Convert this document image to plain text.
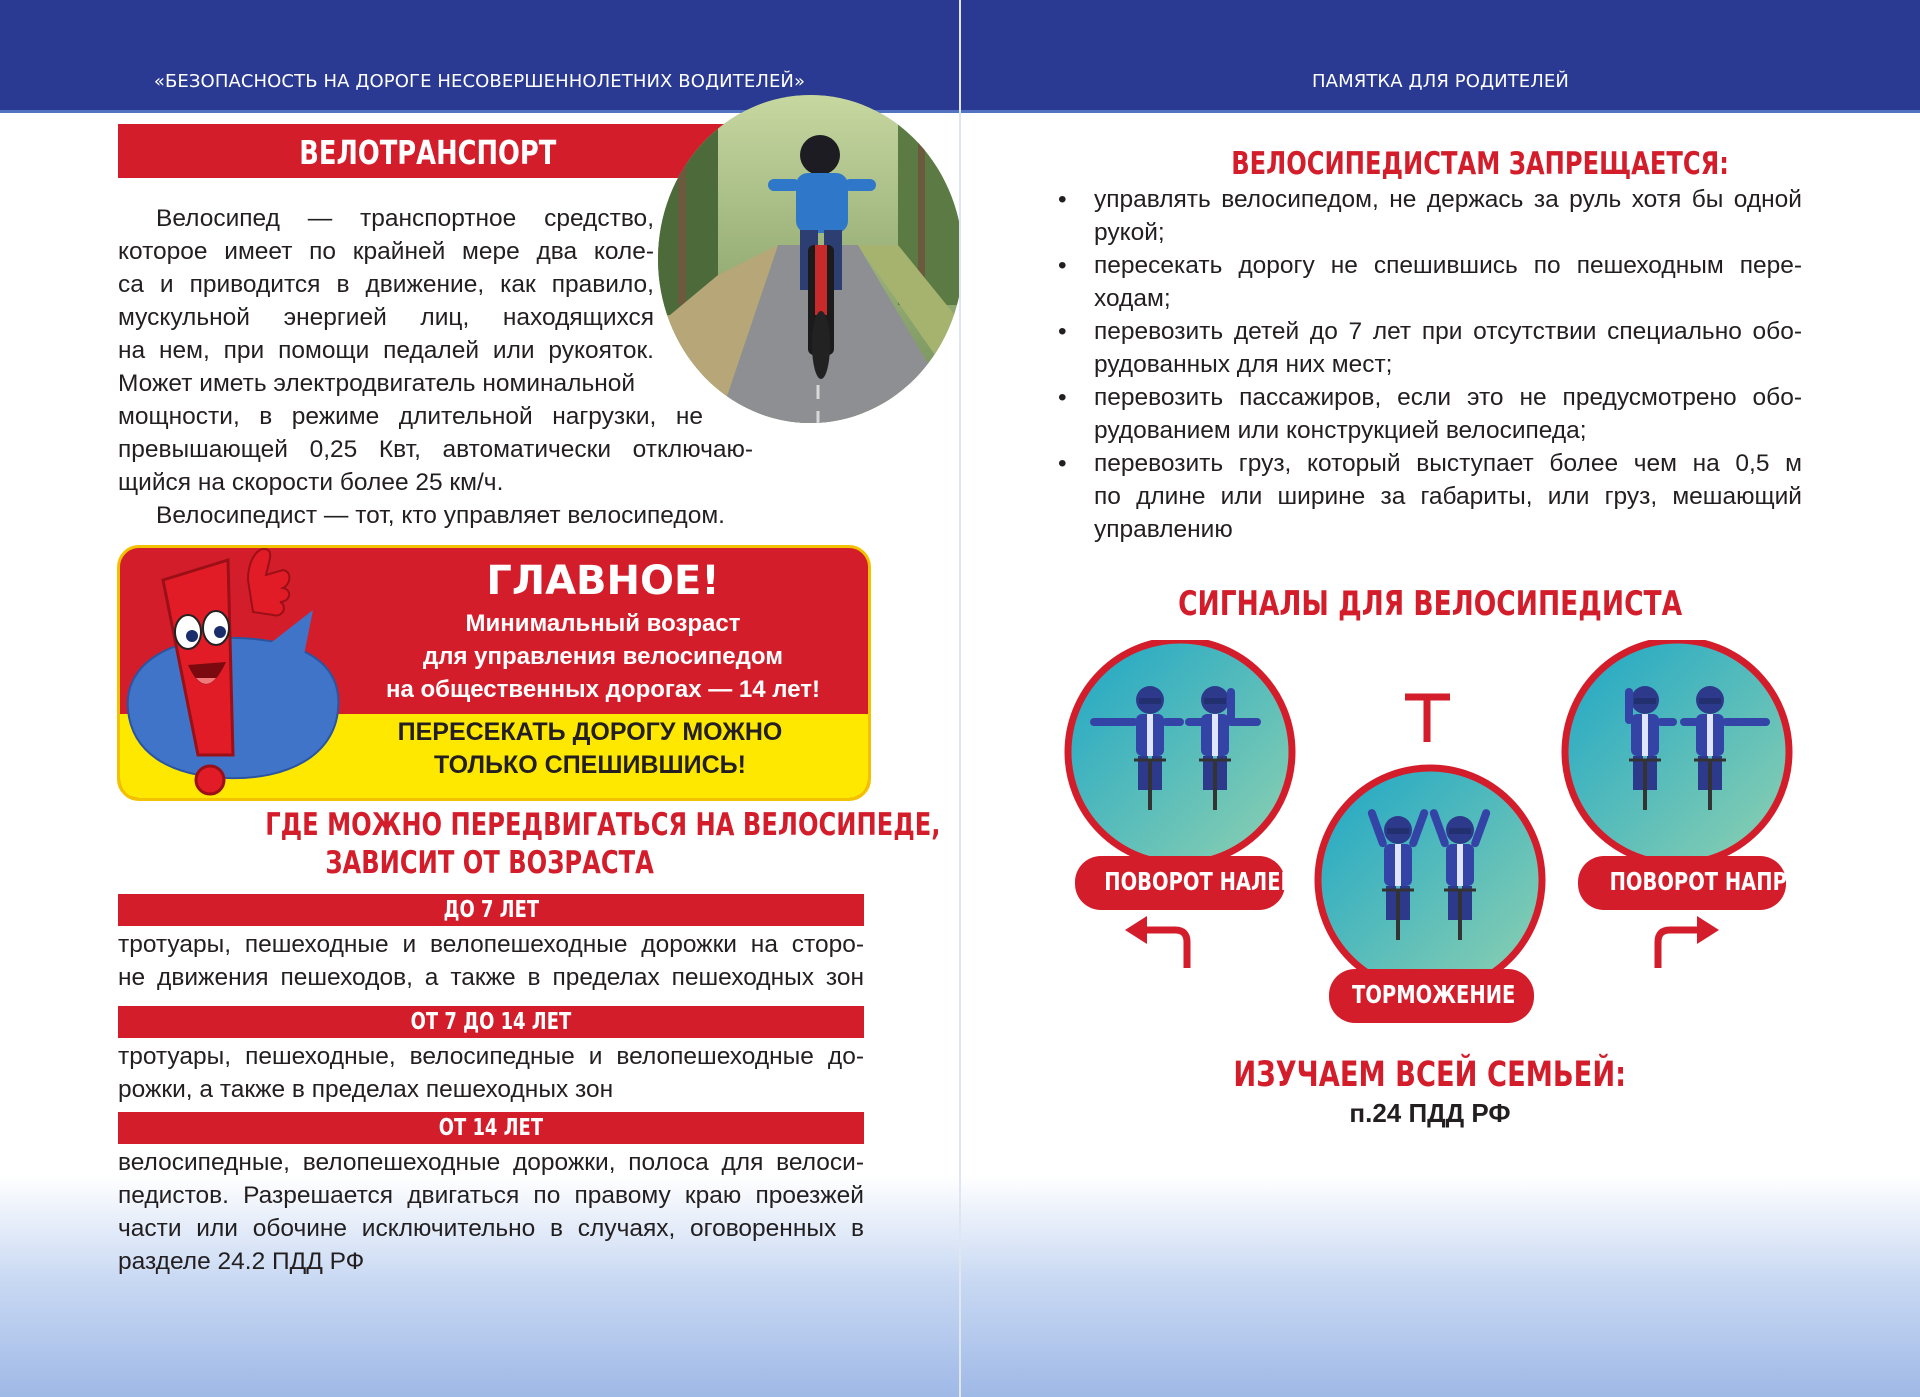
«БЕЗОПАСНОСТЬ НА ДОРОГЕ НЕСОВЕРШЕННОЛЕТНИХ ВОДИТЕЛЕЙ»
ВЕЛОТРАНСПОРТ
Велосипед — транспортное средство,
которое имеет по крайней мере два коле-
са и приводится в движение, как правило,
мускульной энергией лиц, находящихся
на нем, при помощи педалей или рукояток.
Может иметь электродвигатель номинальной
мощности, в режиме длительной нагрузки, не
превышающей 0,25 Квт, автоматически отключаю-
щийся на скорости более 25 км/ч.
Велосипедист — тот, кто управляет велосипедом.
ГЛАВНОЕ!
Минимальный возраст
для управления велосипедом
на общественных дорогах — 14 лет!
ПЕРЕСЕКАТЬ ДОРОГУ МОЖНО
ТОЛЬКО СПЕШИВШИСЬ!
ГДЕ МОЖНО ПЕРЕДВИГАТЬСЯ НА ВЕЛОСИПЕДЕ,
ЗАВИСИТ ОТ ВОЗРАСТА
ДО 7 ЛЕТ
тротуары, пешеходные и велопешеходные дорожки на сторо-
не движения пешеходов, а также в пределах пешеходных зон
ОТ 7 ДО 14 ЛЕТ
тротуары, пешеходные, велосипедные и велопешеходные до-
рожки, а также в пределах пешеходных зон
ОТ 14 ЛЕТ
велосипедные, велопешеходные дорожки, полоса для велоси-
педистов. Разрешается двигаться по правому краю проезжей
части или обочине исключительно в случаях, оговоренных в
разделе 24.2 ПДД РФ
ПАМЯТКА ДЛЯ РОДИТЕЛЕЙ
ВЕЛОСИПЕДИСТАМ ЗАПРЕЩАЕТСЯ:
СИГНАЛЫ ДЛЯ ВЕЛОСИПЕДИСТА
ИЗУЧАЕМ ВСЕЙ СЕМЬЕЙ:
п.24 ПДД РФ
• управлять велосипедом, не держась за руль хотя бы одной
рукой;
• пересекать дорогу не спешившись по пешеходным пере-
ходам;
• перевозить детей до 7 лет при отсутствии специально обо-
рудованных для них мест;
• перевозить пассажиров, если это не предусмотрено обо-
рудованием или конструкцией велосипеда;
• перевозить груз, который выступает более чем на 0,5 м
по длине или ширине за габариты, или груз, мешающий
управлению
ПОВОРОТ НАЛЕВО
ТОРМОЖЕНИЕ
ПОВОРОТ НАПРАВО
